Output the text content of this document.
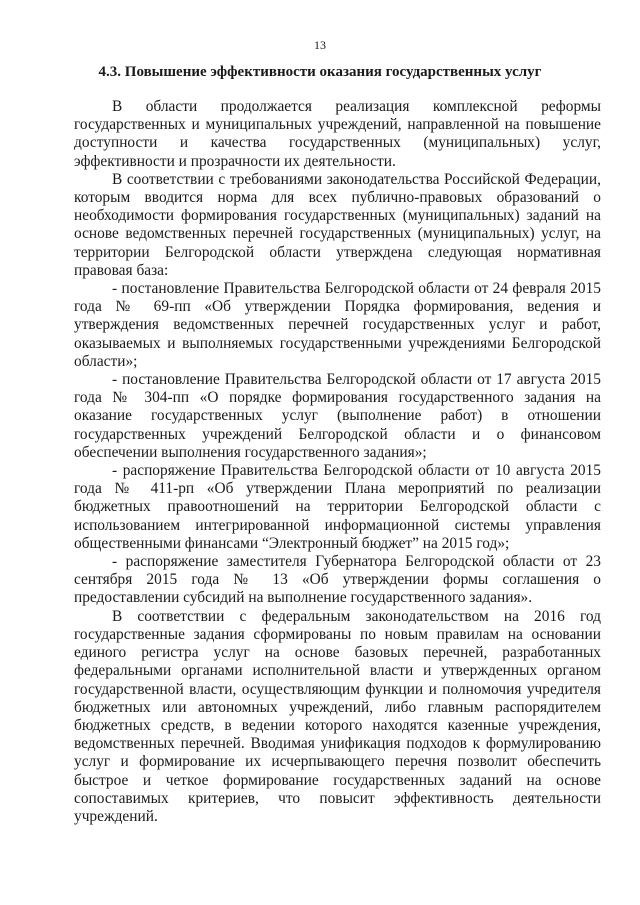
13
4.3. Повышение эффективности оказания государственных услуг

В области продолжается реализация комплексной реформы государственных и муниципальных учреждений, направленной на повышение доступности и качества государственных (муниципальных) услуг, эффективности и прозрачности их деятельности.

В соответствии с требованиями законодательства Российской Федерации, которым вводится норма для всех публично-правовых образований о необходимости формирования государственных (муниципальных) заданий на основе ведомственных перечней государственных (муниципальных) услуг, на территории Белгородской области утверждена следующая нормативная правовая база:

- постановление Правительства Белгородской области от 24 февраля 2015 года № 69-пп «Об утверждении Порядка формирования, ведения и утверждения ведомственных перечней государственных услуг и работ, оказываемых и выполняемых государственными учреждениями Белгородской области»;

- постановление Правительства Белгородской области от 17 августа 2015 года № 304-пп «О порядке формирования государственного задания на оказание государственных услуг (выполнение работ) в отношении государственных учреждений Белгородской области и о финансовом обеспечении выполнения государственного задания»;

- распоряжение Правительства Белгородской области от 10 августа 2015 года № 411-рп «Об утверждении Плана мероприятий по реализации бюджетных правоотношений на территории Белгородской области с использованием интегрированной информационной системы управления общественными финансами “Электронный бюджет” на 2015 год»;

- распоряжение заместителя Губернатора Белгородской области от 23 сентября 2015 года № 13 «Об утверждении формы соглашения о предоставлении субсидий на выполнение государственного задания».

В соответствии с федеральным законодательством на 2016 год государственные задания сформированы по новым правилам на основании единого регистра услуг на основе базовых перечней, разработанных федеральными органами исполнительной власти и утвержденных органом государственной власти, осуществляющим функции и полномочия учредителя бюджетных или автономных учреждений, либо главным распорядителем бюджетных средств, в ведении которого находятся казенные учреждения, ведомственных перечней. Вводимая унификация подходов к формулированию услуг и формирование их исчерпывающего перечня позволит обеспечить быстрое и четкое формирование государственных заданий на основе сопоставимых критериев, что повысит эффективность деятельности учреждений.
